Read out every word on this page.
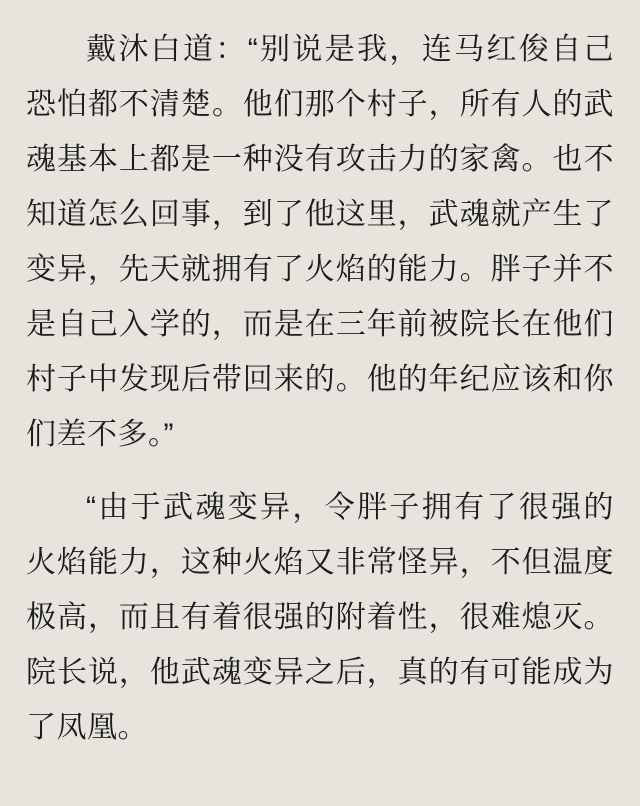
戴沐白道：“别说是我，连马红俊自己恐怕都不清楚。他们那个村子，所有人的武魂基本上都是一种没有攻击力的家禽。也不知道怎么回事，到了他这里，武魂就产生了变异，先天就拥有了火焰的能力。胖子并不是自己入学的，而是在三年前被院长在他们村子中发现后带回来的。他的年纪应该和你们差不多。”

“由于武魂变异，令胖子拥有了很强的火焰能力，这种火焰又非常怪异，不但温度极高，而且有着很强的附着性，很难熄灭。院长说，他武魂变异之后，真的有可能成为了凤凰。
